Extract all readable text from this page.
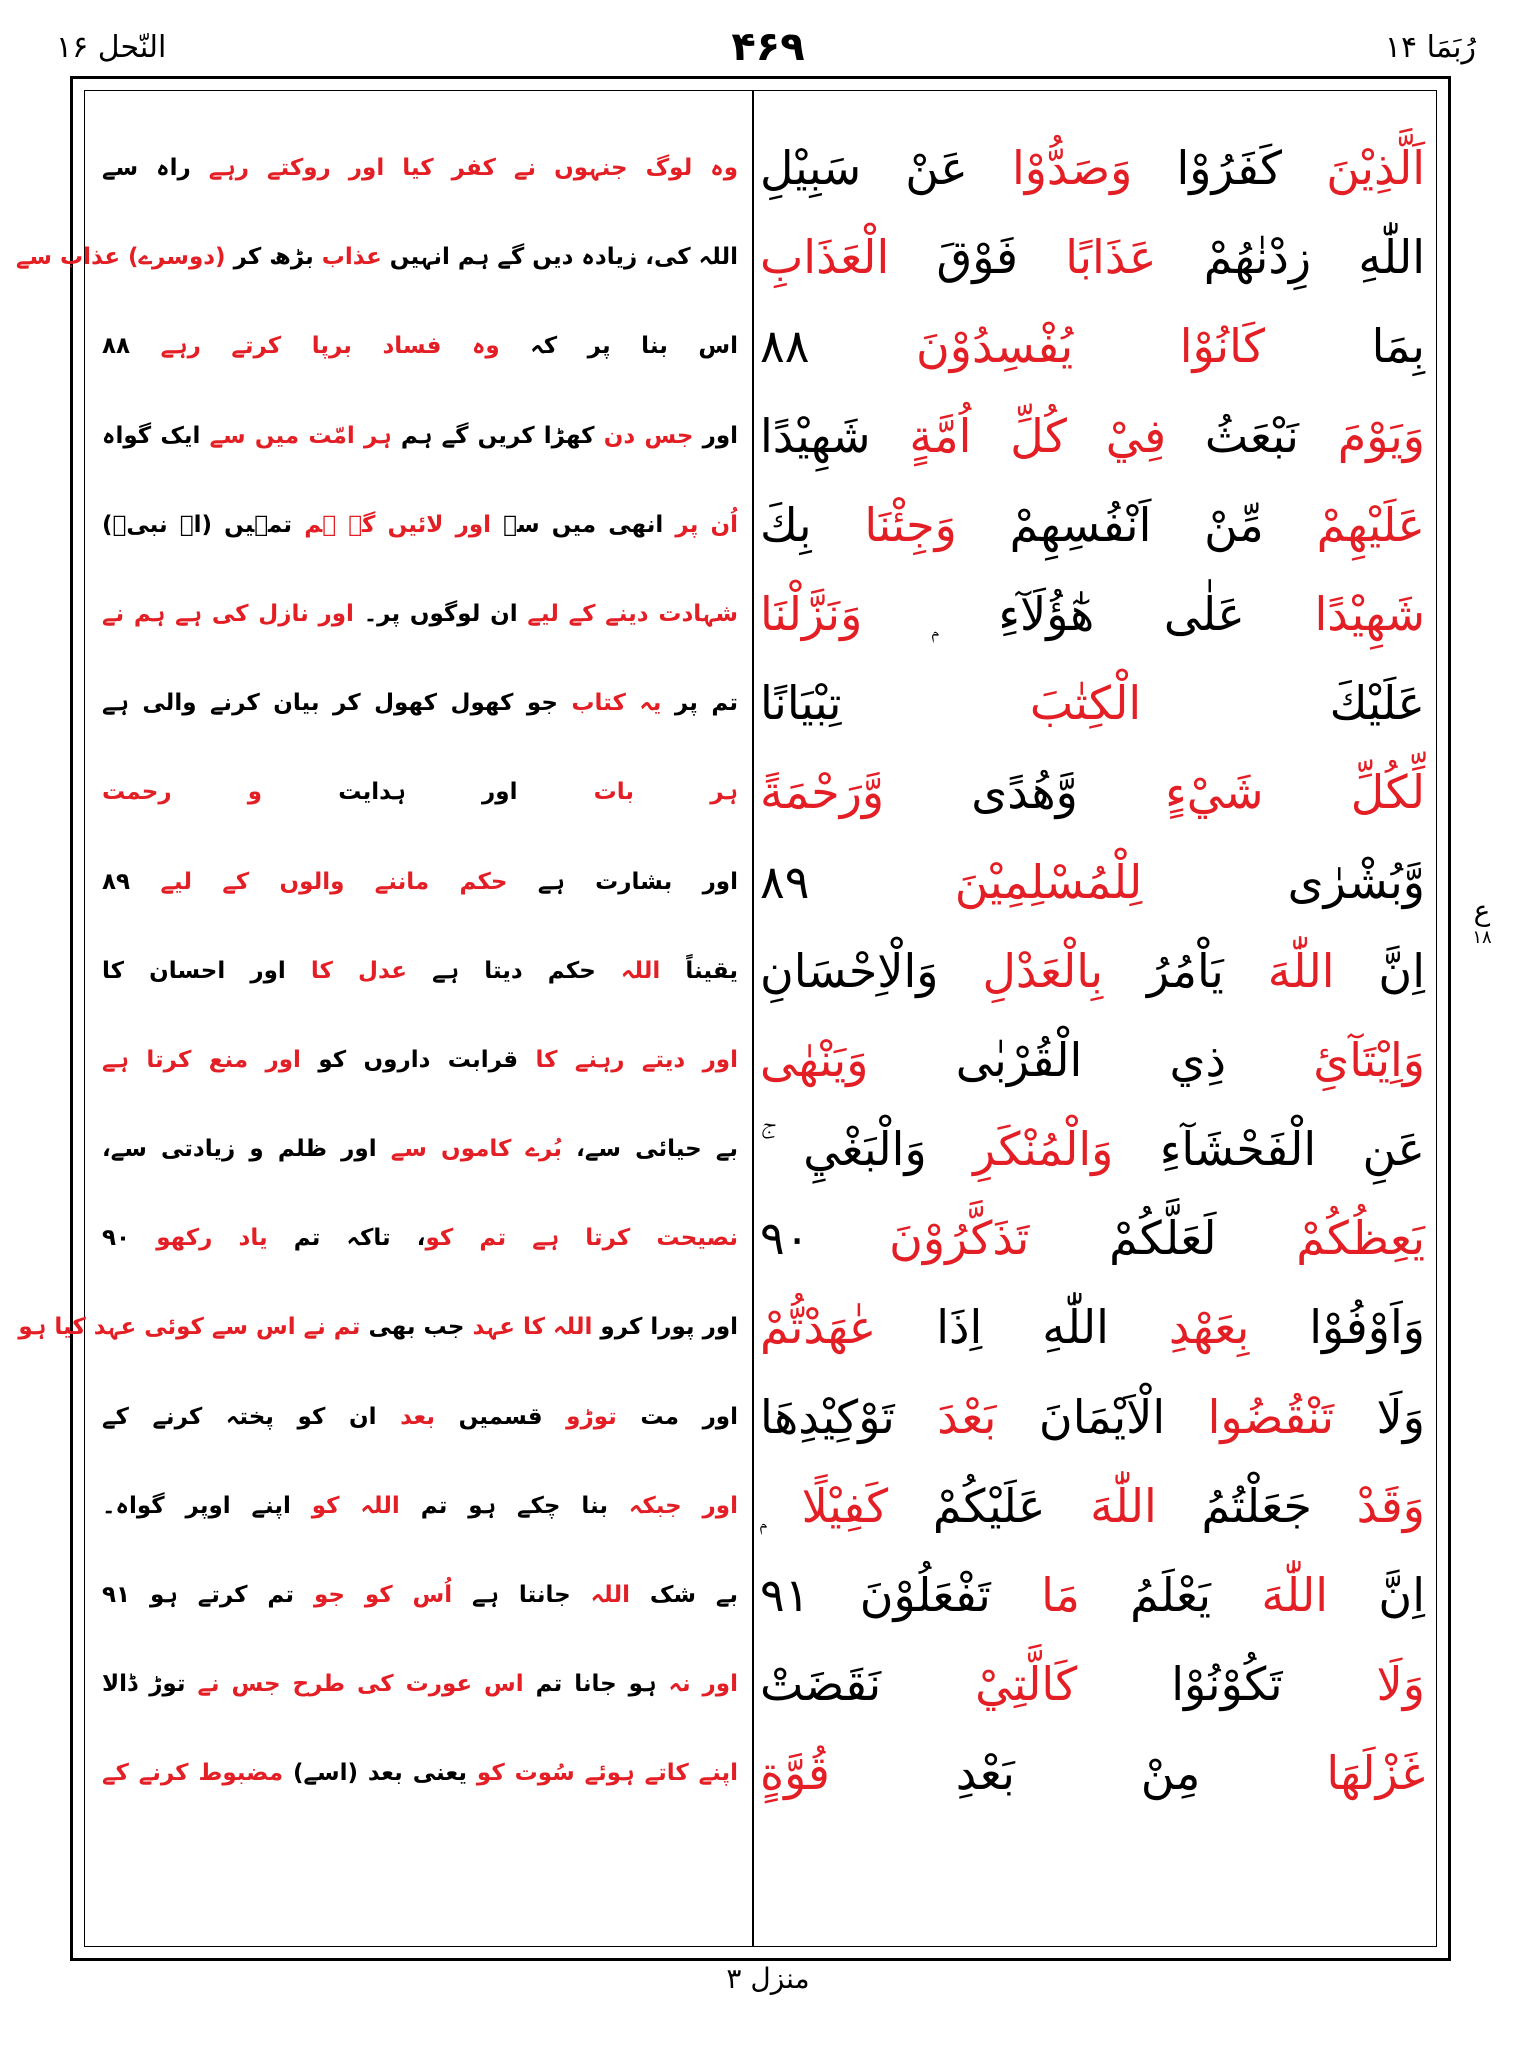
النّحل ۱۶	۴۶۹	رُبَمَا ۱۴
اَلَّذِيْنَ كَفَرُوْا وَصَدُّوْا عَنْ سَبِيْلِ
وہ لوگ جنہوں نے کفر کیا اور روکتے رہے راہ سے
اللّٰهِ زِدْنٰهُمْ عَذَابًا فَوْقَ الْعَذَابِ
اللہ کی، زیادہ دیں گے ہم انہیں عذاب بڑھ کر (دوسرے) عذاب سے
بِمَا كَانُوْا يُفْسِدُوْنَ ۸۸
اس بنا پر کہ وہ فساد برپا کرتے رہے ۸۸
وَيَوْمَ نَبْعَثُ فِيْ كُلِّ اُمَّةٍ شَهِيْدًا
اور جس دن کھڑا کریں گے ہم ہر امّت میں سے ایک گواہ
عَلَيْهِمْ مِّنْ اَنْفُسِهِمْ وَجِئْنَا بِكَ
اُن پر انھی میں سے اور لائیں گے ہم تمہیں (اے نبیؐ)
شَهِيْدًا عَلٰى هٰٓؤُلَآءِ ۭ وَنَزَّلْنَا
شہادت دینے کے لیے ان لوگوں پر۔ اور نازل کی ہے ہم نے
عَلَيْكَ الْكِتٰبَ تِبْيَانًا
تم پر یہ کتاب جو کھول کھول کر بیان کرنے والی ہے
لِّكُلِّ شَيْءٍ وَّهُدًى وَّرَحْمَةً
ہر بات اور ہدایت و رحمت
وَّبُشْرٰى لِلْمُسْلِمِيْنَ ۸۹
اور بشارت ہے حکم ماننے والوں کے لیے ۸۹
اِنَّ اللّٰهَ يَاْمُرُ بِالْعَدْلِ وَالْاِحْسَانِ
یقیناً اللہ حکم دیتا ہے عدل کا اور احسان کا
وَاِيْتَآئِ ذِي الْقُرْبٰى وَيَنْهٰى
اور دیتے رہنے کا قرابت داروں کو اور منع کرتا ہے
عَنِ الْفَحْشَآءِ وَالْمُنْكَرِ وَالْبَغْيِ ۚ
بے حیائی سے، بُرے کاموں سے اور ظلم و زیادتی سے،
يَعِظُكُمْ لَعَلَّكُمْ تَذَكَّرُوْنَ ۹۰
نصیحت کرتا ہے تم کو، تاکہ تم یاد رکھو ۹۰
وَاَوْفُوْا بِعَهْدِ اللّٰهِ اِذَا عٰهَدْتُّمْ
اور پورا کرو اللہ کا عہد جب بھی تم نے اس سے کوئی عہد کیا ہو
وَلَا تَنْقُضُوا الْاَيْمَانَ بَعْدَ تَوْكِيْدِهَا
اور مت توڑو قسمیں بعد ان کو پختہ کرنے کے
وَقَدْ جَعَلْتُمُ اللّٰهَ عَلَيْكُمْ كَفِيْلًا ۭ
اور جبکہ بنا چکے ہو تم اللہ کو اپنے اوپر گواہ۔
اِنَّ اللّٰهَ يَعْلَمُ مَا تَفْعَلُوْنَ ۹۱
بے شک اللہ جانتا ہے اُس کو جو تم کرتے ہو ۹۱
وَلَا تَكُوْنُوْا كَالَّتِيْ نَقَضَتْ
اور نہ ہو جانا تم اس عورت کی طرح جس نے توڑ ڈالا
غَزْلَهَا مِنْ بَعْدِ قُوَّةٍ
اپنے کاتے ہوئے سُوت کو یعنی بعد (اسے) مضبوط کرنے کے
ع
۱۸
منزل ۳
